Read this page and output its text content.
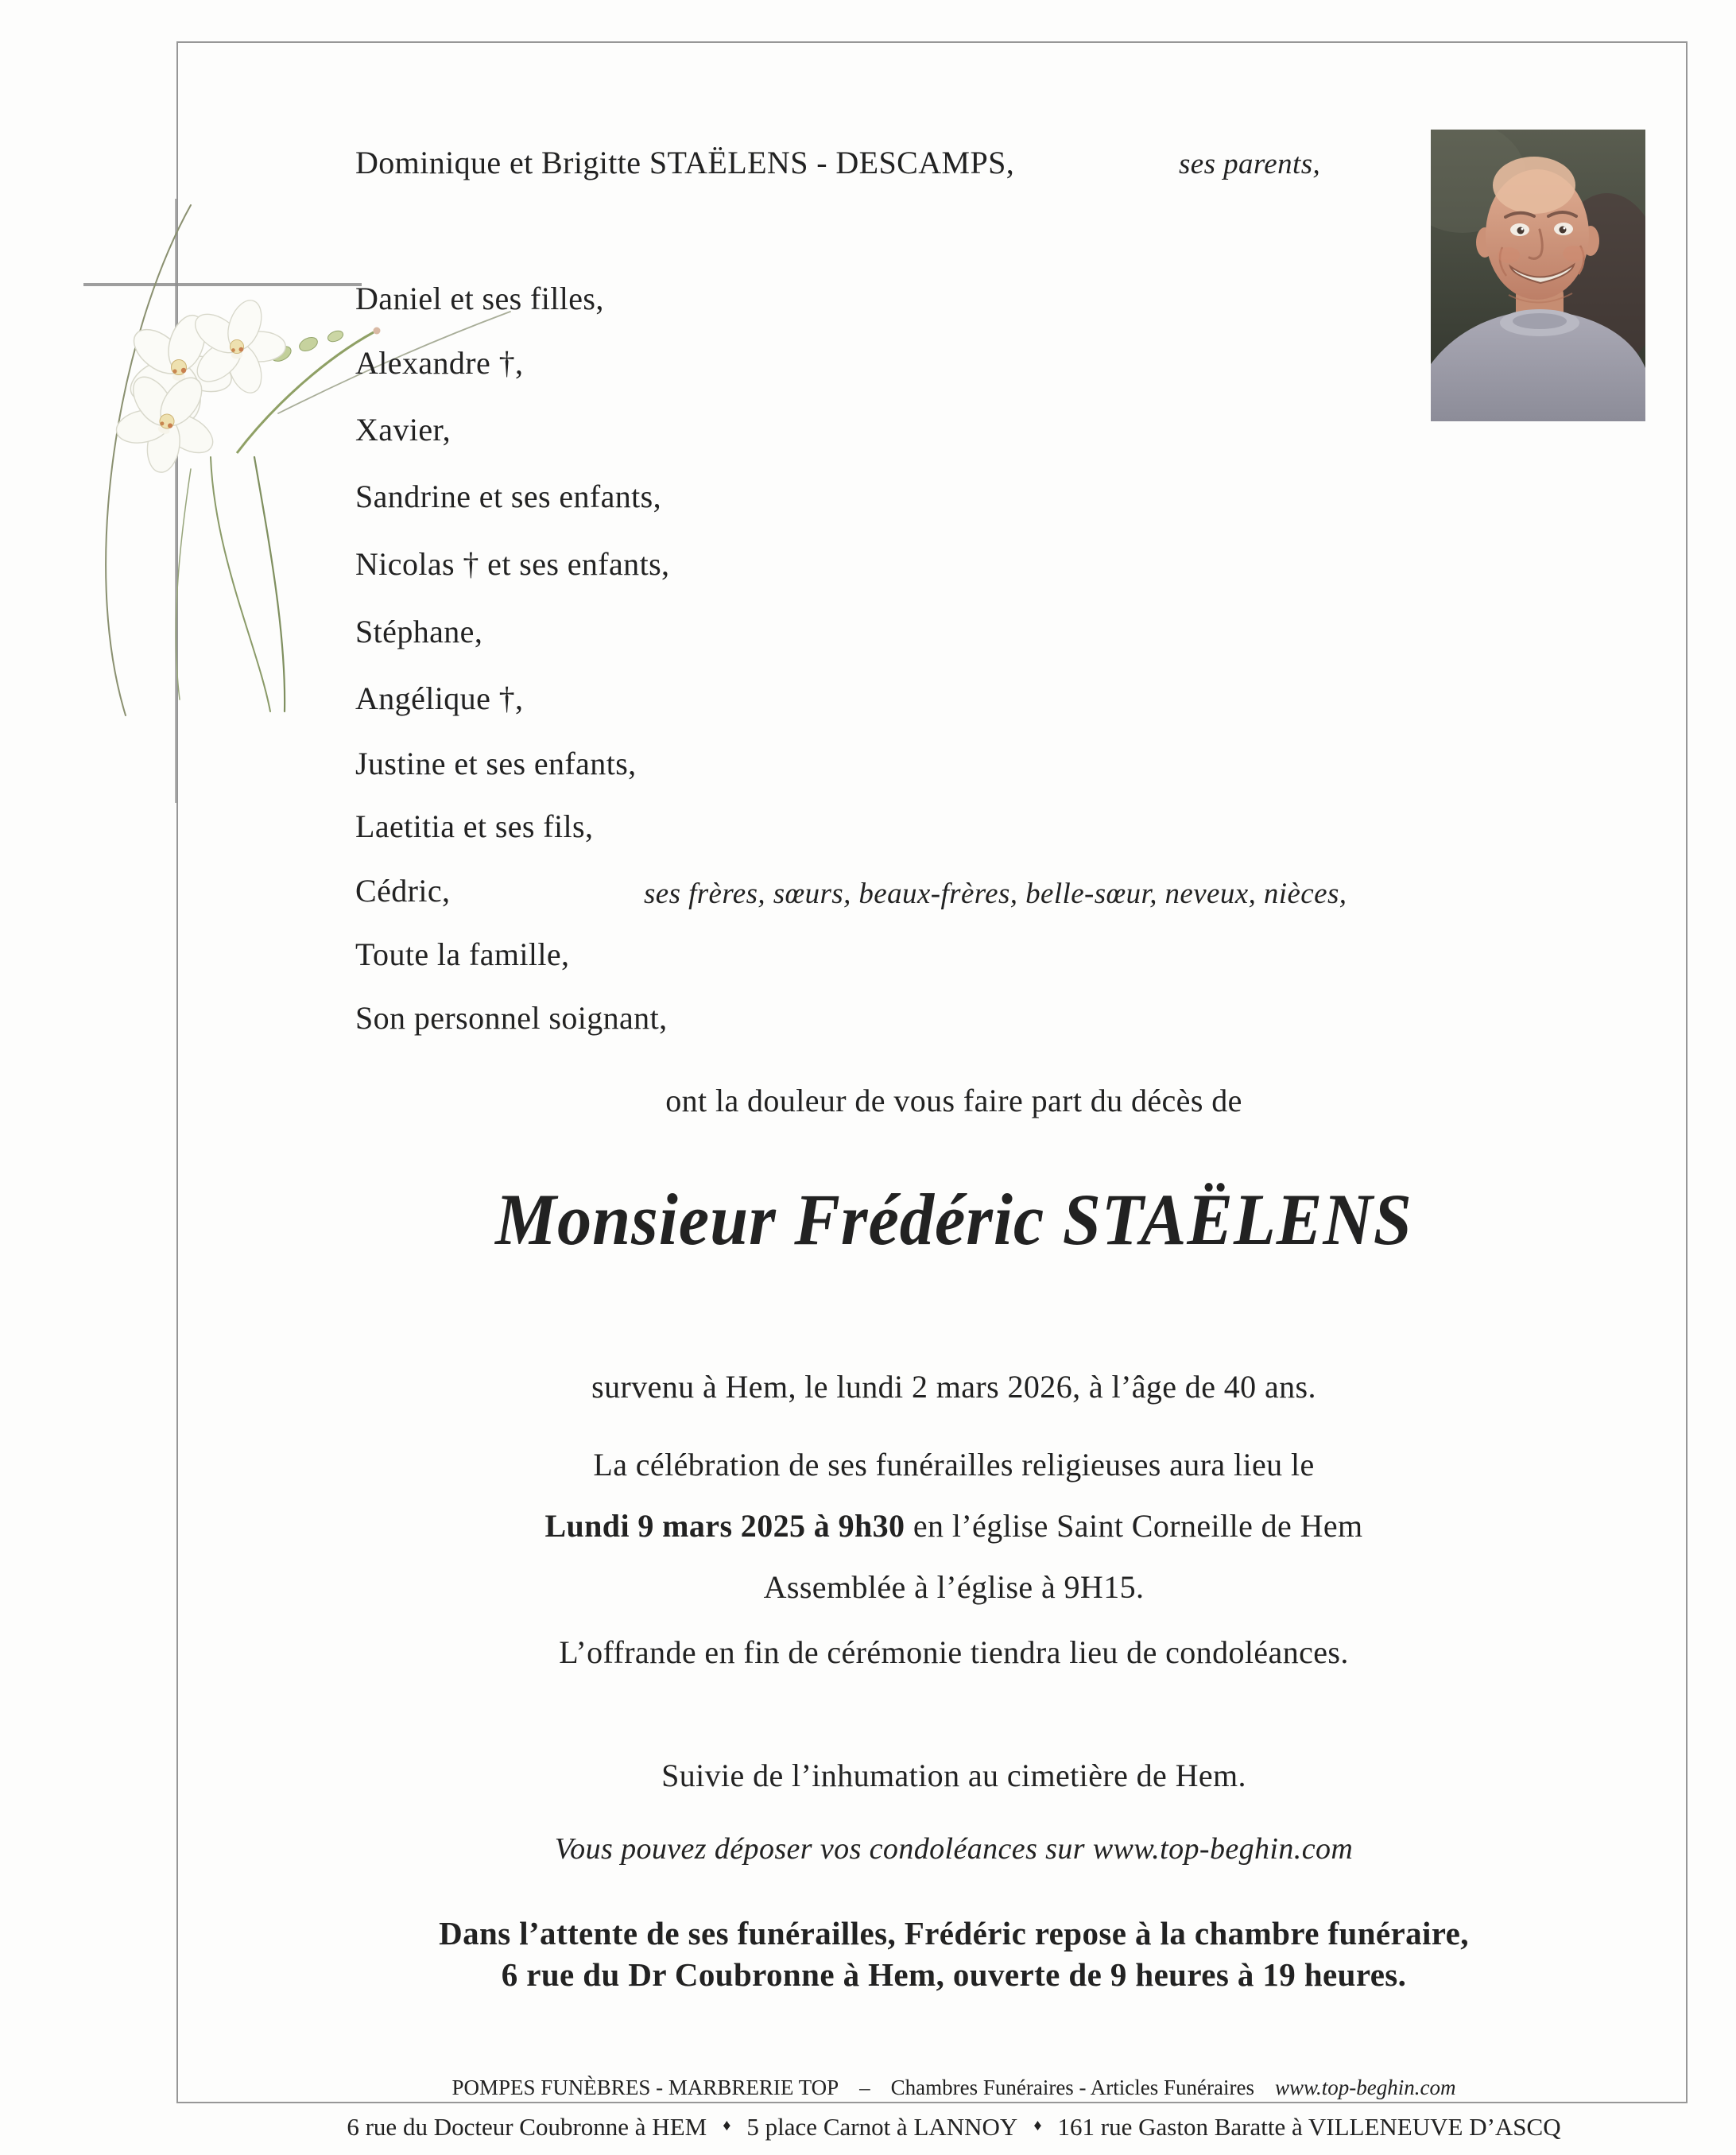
Dominique et Brigitte STAËLENS - DESCAMPS,	ses parents,
Daniel et ses filles,
Alexandre †,
Xavier,
Sandrine et ses enfants,
Nicolas † et ses enfants,
Stéphane,
Angélique †,
Justine et ses enfants,
Laetitia et ses fils,
Cédric,	ses frères, sœurs, beaux-frères, belle-sœur, neveux, nièces,
Toute la famille,
Son personnel soignant,
ont la douleur de vous faire part du décès de
Monsieur Frédéric STAËLENS
survenu à Hem, le lundi 2 mars 2026, à l’âge de 40 ans.
La célébration de ses funérailles religieuses aura lieu le
Lundi 9 mars 2025 à 9h30 en l’église Saint Corneille de Hem
Assemblée à l’église à 9H15.
L’offrande en fin de cérémonie tiendra lieu de condoléances.
Suivie de l’inhumation au cimetière de Hem.
Vous pouvez déposer vos condoléances sur www.top-beghin.com
Dans l’attente de ses funérailles, Frédéric repose à la chambre funéraire,
6 rue du Dr Coubronne à Hem, ouverte de 9 heures à 19 heures.
POMPES FUNÈBRES - MARBRERIE TOP – Chambres Funéraires - Articles Funéraires www.top-beghin.com
6 rue du Docteur Coubronne à HEM ♦ 5 place Carnot à LANNOY ♦ 161 rue Gaston Baratte à VILLENEUVE D’ASCQ
